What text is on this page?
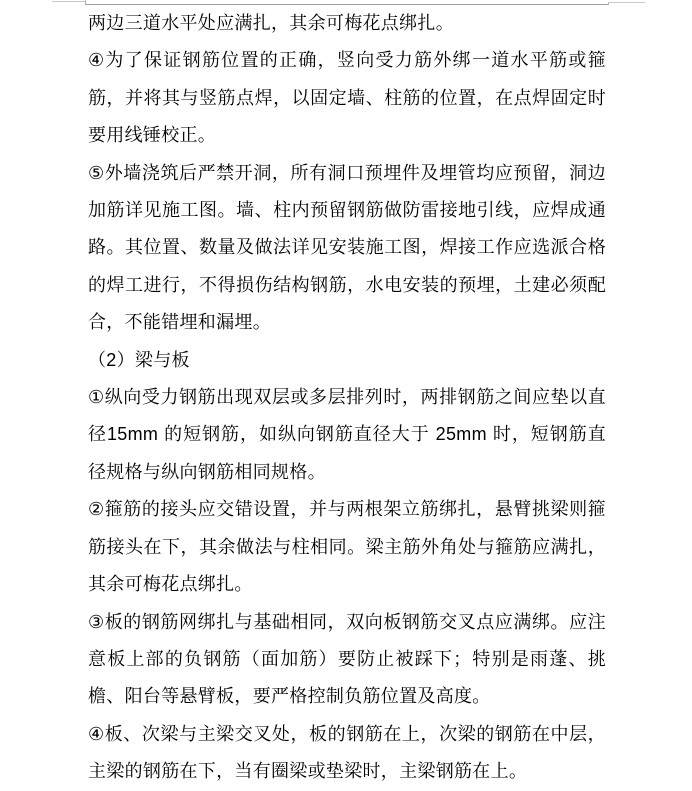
两边三道水平处应满扎，其余可梅花点绑扎。

④为了保证钢筋位置的正确，竖向受力筋外绑一道水平筋或箍筋，并将其与竖筋点焊，以固定墙、柱筋的位置，在点焊固定时要用线锤校正。

⑤外墙浇筑后严禁开洞，所有洞口预埋件及埋管均应预留，洞边加筋详见施工图。墙、柱内预留钢筋做防雷接地引线，应焊成通路。其位置、数量及做法详见安装施工图，焊接工作应选派合格的焊工进行，不得损伤结构钢筋，水电安装的预埋，土建必须配合，不能错埋和漏埋。

（2）梁与板

①纵向受力钢筋出现双层或多层排列时，两排钢筋之间应垫以直径15mm 的短钢筋，如纵向钢筋直径大于 25mm 时，短钢筋直径规格与纵向钢筋相同规格。

②箍筋的接头应交错设置，并与两根架立筋绑扎，悬臂挑梁则箍筋接头在下，其余做法与柱相同。梁主筋外角处与箍筋应满扎，其余可梅花点绑扎。

③板的钢筋网绑扎与基础相同，双向板钢筋交叉点应满绑。应注意板上部的负钢筋（面加筋）要防止被踩下；特别是雨蓬、挑檐、阳台等悬臂板，要严格控制负筋位置及高度。

④板、次梁与主梁交叉处，板的钢筋在上，次梁的钢筋在中层，主梁的钢筋在下，当有圈梁或垫梁时，主梁钢筋在上。
